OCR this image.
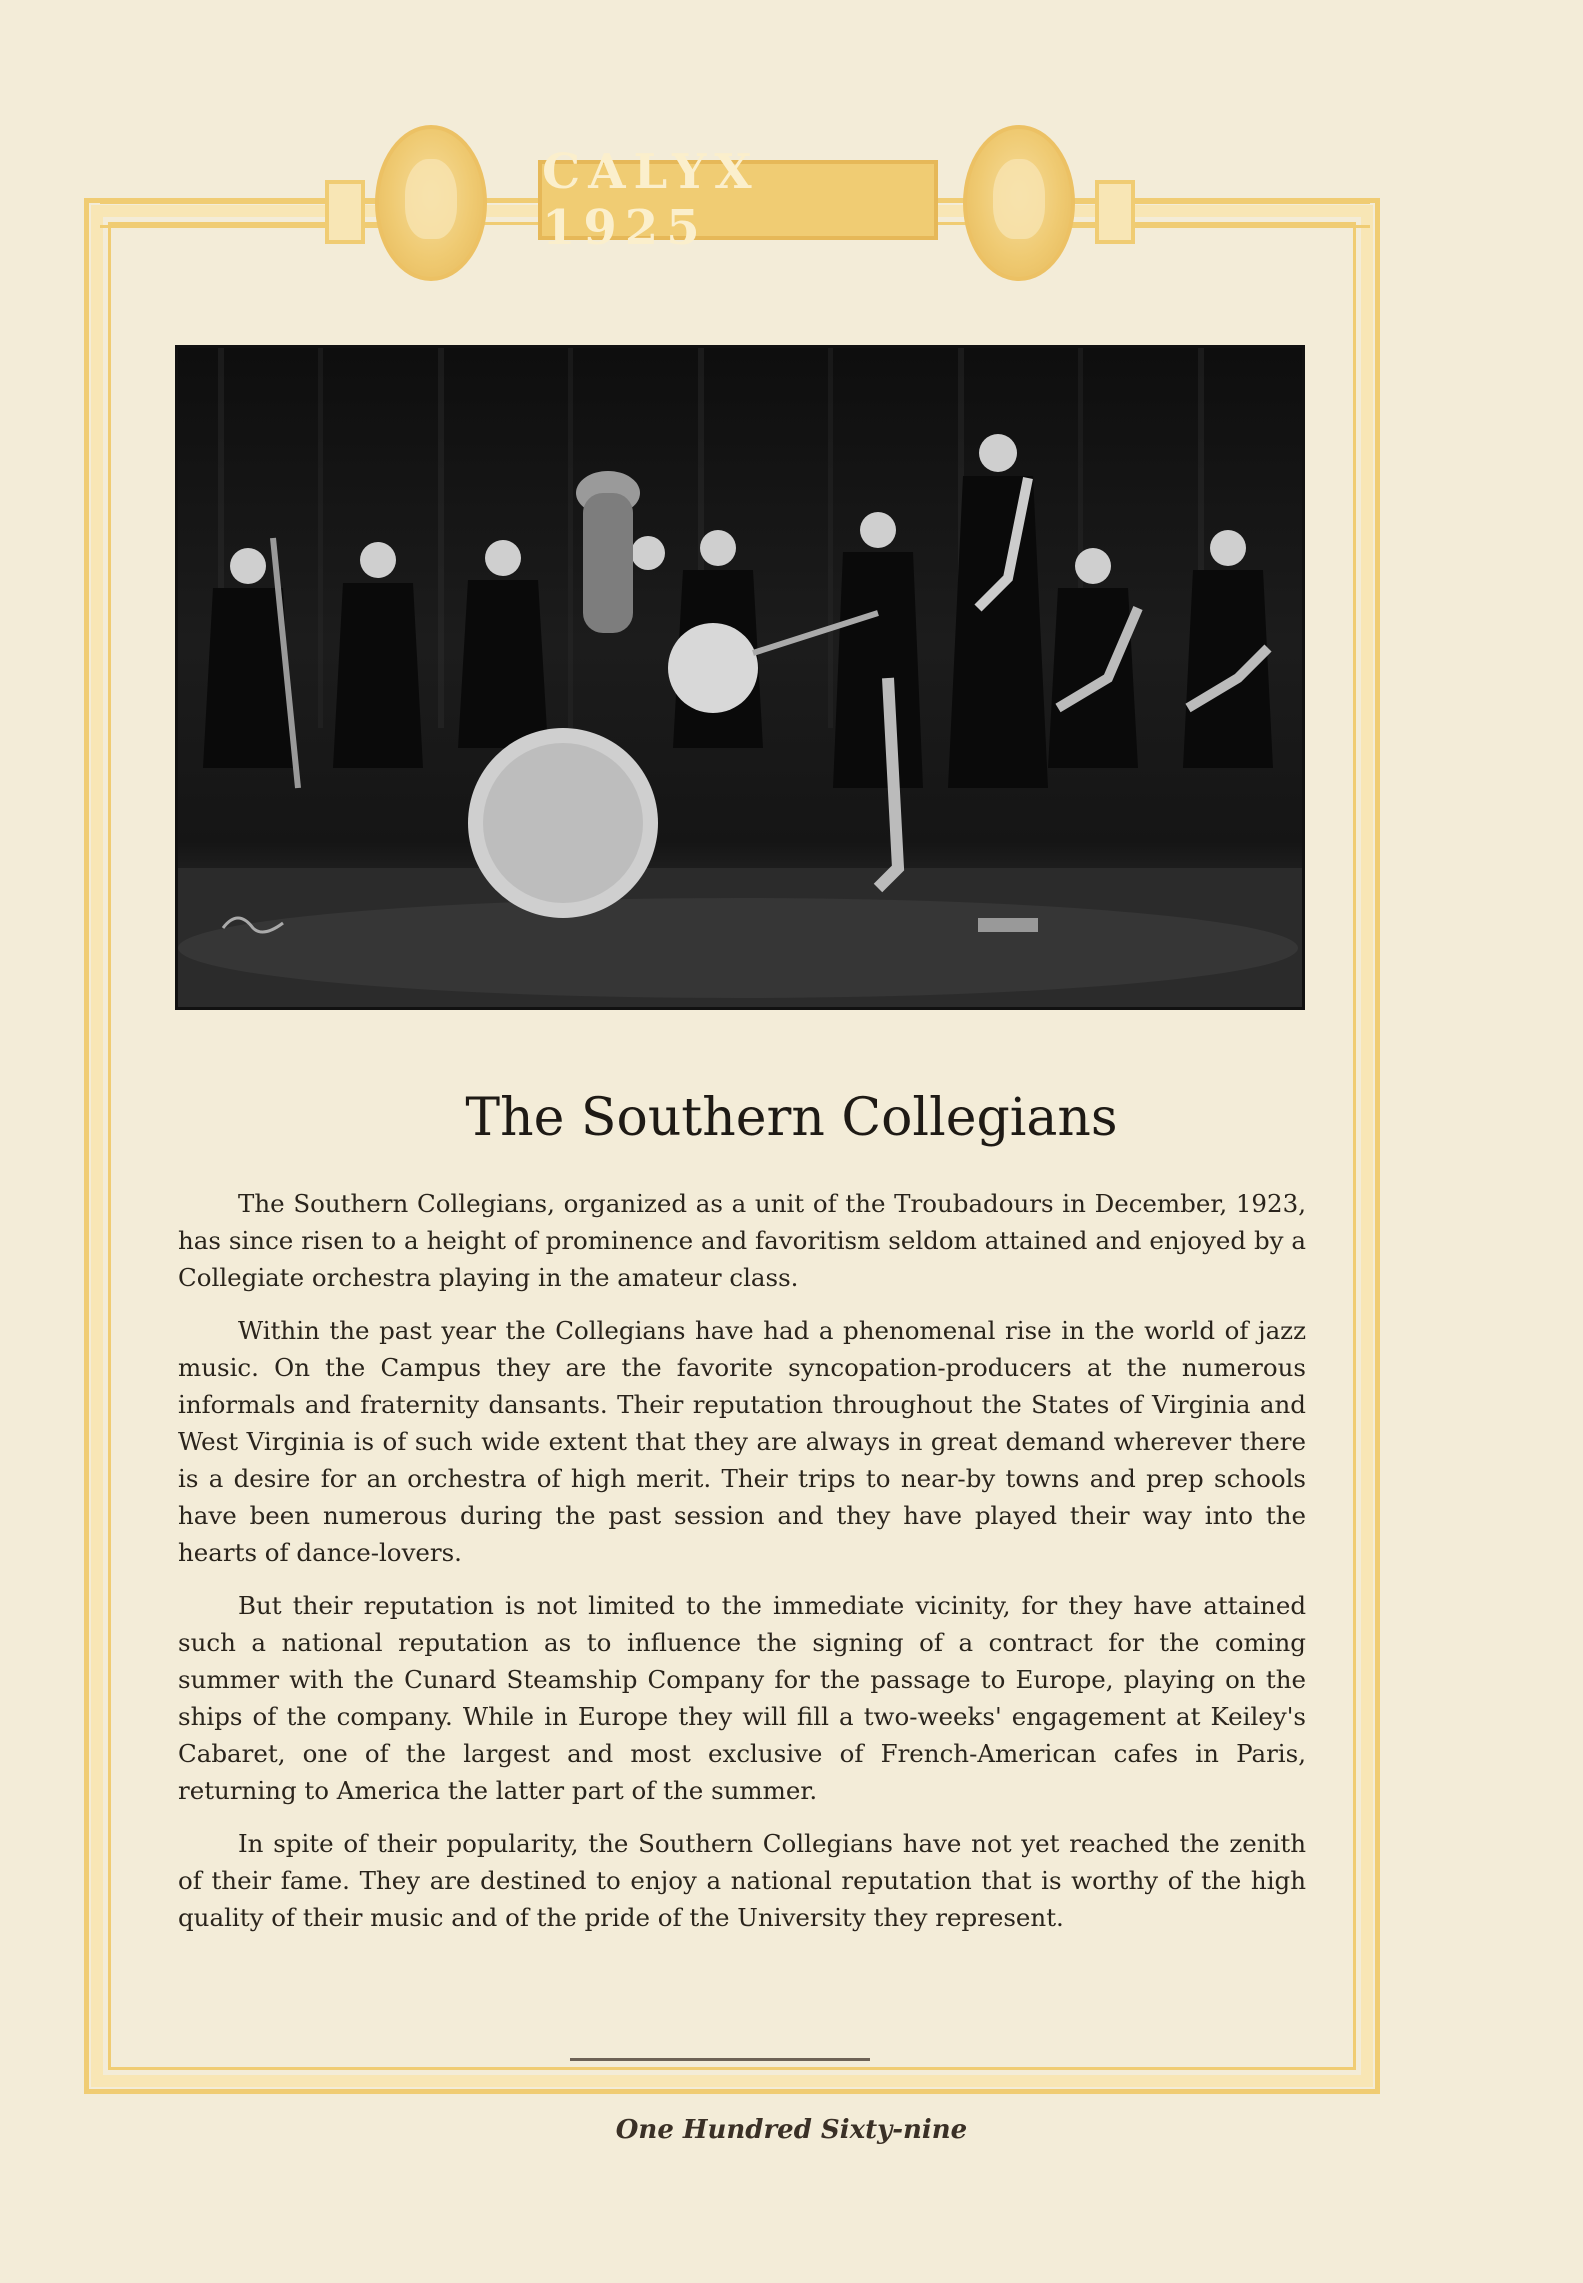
CALYX 1925
The Southern Collegians

The Southern Collegians, organized as a unit of the Troubadours in December, 1923, has since risen to a height of prominence and favoritism seldom attained and enjoyed by a Collegiate orchestra playing in the amateur class.

Within the past year the Collegians have had a phenomenal rise in the world of jazz music. On the Campus they are the favorite syncopation-producers at the numerous informals and fraternity dansants. Their reputation throughout the States of Virginia and West Virginia is of such wide extent that they are always in great demand wherever there is a desire for an orchestra of high merit. Their trips to near-by towns and prep schools have been numerous during the past session and they have played their way into the hearts of dance-lovers.

But their reputation is not limited to the immediate vicinity, for they have attained such a national reputation as to influence the signing of a contract for the coming summer with the Cunard Steamship Company for the passage to Europe, playing on the ships of the company. While in Europe they will fill a two-weeks' engagement at Keiley's Cabaret, one of the largest and most exclusive of French-American cafes in Paris, returning to America the latter part of the summer.

In spite of their popularity, the Southern Collegians have not yet reached the zenith of their fame. They are destined to enjoy a national reputation that is worthy of the high quality of their music and of the pride of the University they represent.

One Hundred Sixty-nine
